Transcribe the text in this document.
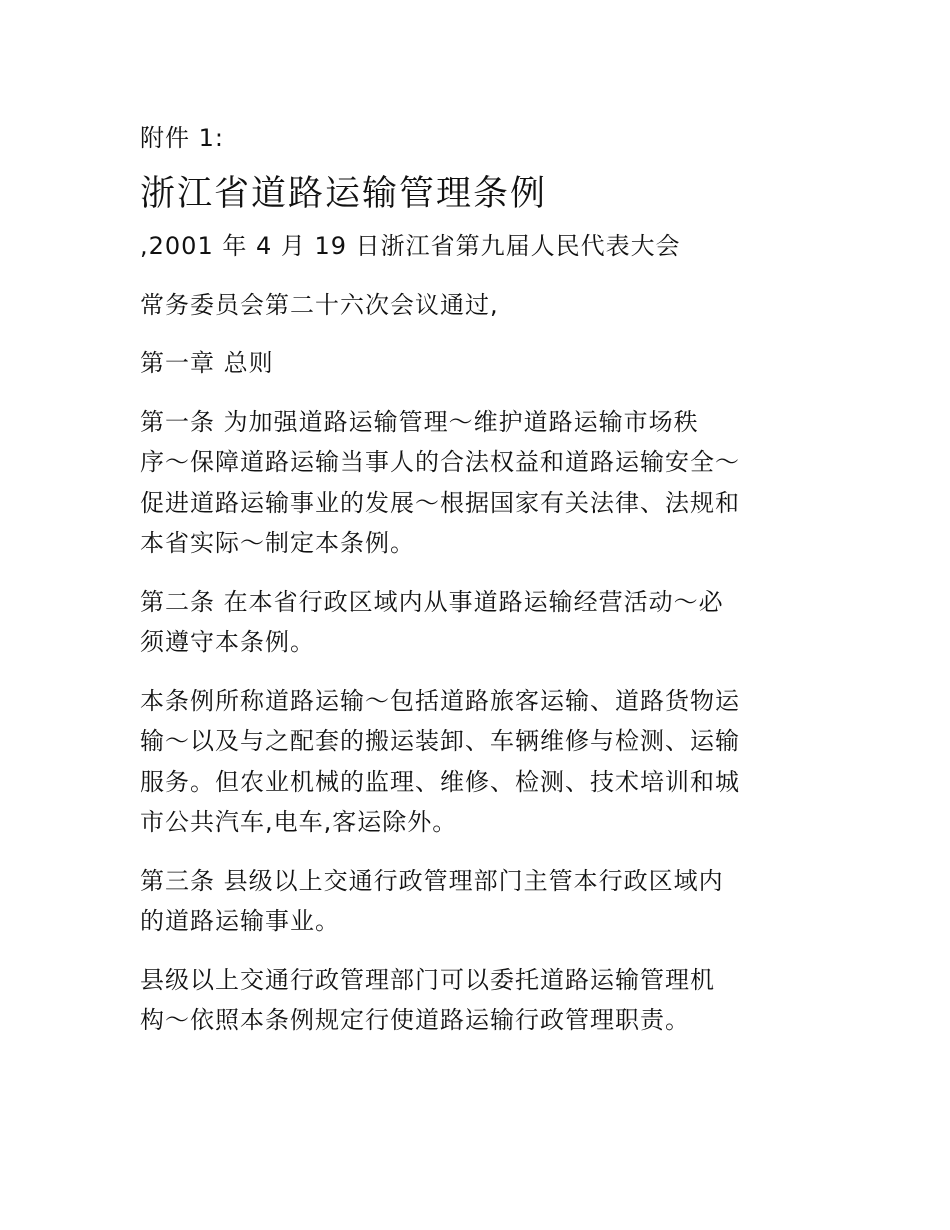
附件 1:
浙江省道路运输管理条例
,2001 年 4 月 19 日浙江省第九届人民代表大会
常务委员会第二十六次会议通过,
第一章 总则
第一条 为加强道路运输管理～维护道路运输市场秩
序～保障道路运输当事人的合法权益和道路运输安全～
促进道路运输事业的发展～根据国家有关法律、法规和
本省实际～制定本条例。
第二条 在本省行政区域内从事道路运输经营活动～必
须遵守本条例。
本条例所称道路运输～包括道路旅客运输、道路货物运
输～以及与之配套的搬运装卸、车辆维修与检测、运输
服务。但农业机械的监理、维修、检测、技术培训和城
市公共汽车,电车,客运除外。
第三条 县级以上交通行政管理部门主管本行政区域内
的道路运输事业。
县级以上交通行政管理部门可以委托道路运输管理机
构～依照本条例规定行使道路运输行政管理职责。
